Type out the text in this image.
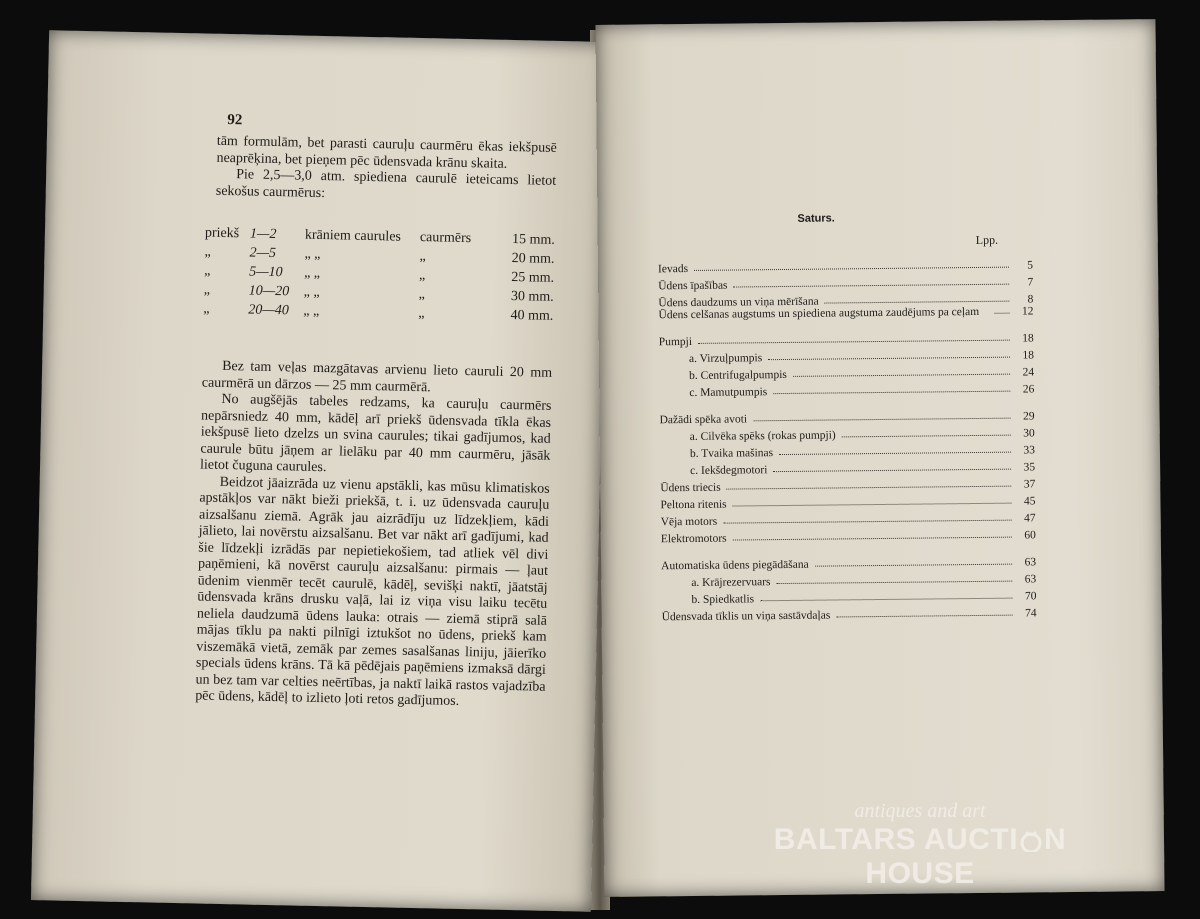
92

tām formulām, bet parasti cauruļu caurmēru ēkas iekšpusē neaprēķina, bet pieņem pēc ūdensvada krānu skaita.

Pie 2,5—3,0 atm. spiediena caurulē ieteicams lietot sekošus caurmērus:

priekš 1—2	krāniem caurules	caurmērs	15 mm.
„	2—5	„ „	„	20 mm.
„	5—10	„ „	„	25 mm.
„	10—20	„ „	„	30 mm.
„	20—40	„ „	„	40 mm.

Bez tam veļas mazgātavas arvienu lieto cauruli 20 mm caurmērā un dārzos — 25 mm caurmērā.

No augšējās tabeles redzams, ka cauruļu caurmērs nepārsniedz 40 mm, kādēļ arī priekš ūdensvada tīkla ēkas iekšpusē lieto dzelzs un svina caurules; tikai gadījumos, kad caurule būtu jāņem ar lielāku par 40 mm caurmēru, jāsāk lietot čuguna caurules.

Beidzot jāaizrāda uz vienu apstākli, kas mūsu klimatiskos apstākļos var nākt bieži priekšā, t. i. uz ūdensvada cauruļu aizsalšanu ziemā. Agrāk jau aizrādīju uz līdzekļiem, kādi jālieto, lai novērstu aizsalšanu. Bet var nākt arī gadījumi, kad šie līdzekļi izrādās par nepietiekošiem, tad atliek vēl divi paņēmieni, kā novērst cauruļu aizsalšanu: pirmais — ļaut ūdenim vienmēr tecēt caurulē, kādēļ, sevišķi naktī, jāatstāj ūdensvada krāns drusku vaļā, lai iz viņa visu laiku tecētu neliela daudzumā ūdens lauka: otrais — ziemā stiprā salā mājas tīklu pa nakti pilnīgi iztukšot no ūdens, priekš kam viszemākā vietā, zemāk par zemes sasalšanas liniju, jāierīko specials ūdens krāns. Tā kā pēdējais paņēmiens izmaksā dārgi un bez tam var celties neērtības, ja naktī laikā rastos vajadzība pēc ūdens, kādēļ to izlieto ļoti retos gadījumos.

Saturs.
Lpp.
Ievads	5
Ūdens īpašības	7
Ūdens daudzums un viņa mērīšana	8
Ūdens celšanas augstums un spiediena augstuma zaudējums pa ceļam	12
Pumpji	18
a. Virzuļpumpis	18
b. Centrifugalpumpis	24
c. Mamutpumpis	26
Dažādi spēka avoti	29
a. Cilvēka spēks (rokas pumpji)	30
b. Tvaika mašinas	33
c. Iekšdegmotori	35
Ūdens triecis	37
Peltona ritenis	45
Vēja motors	47
Elektromotors	60
Automatiska ūdens piegādāšana	63
a. Krājrezervuars	63
b. Spiedkatlis	70
Ūdensvada tīklis un viņa sastāvdaļas	74
antiques and art
BALTARS AUCTI N HOUSE
